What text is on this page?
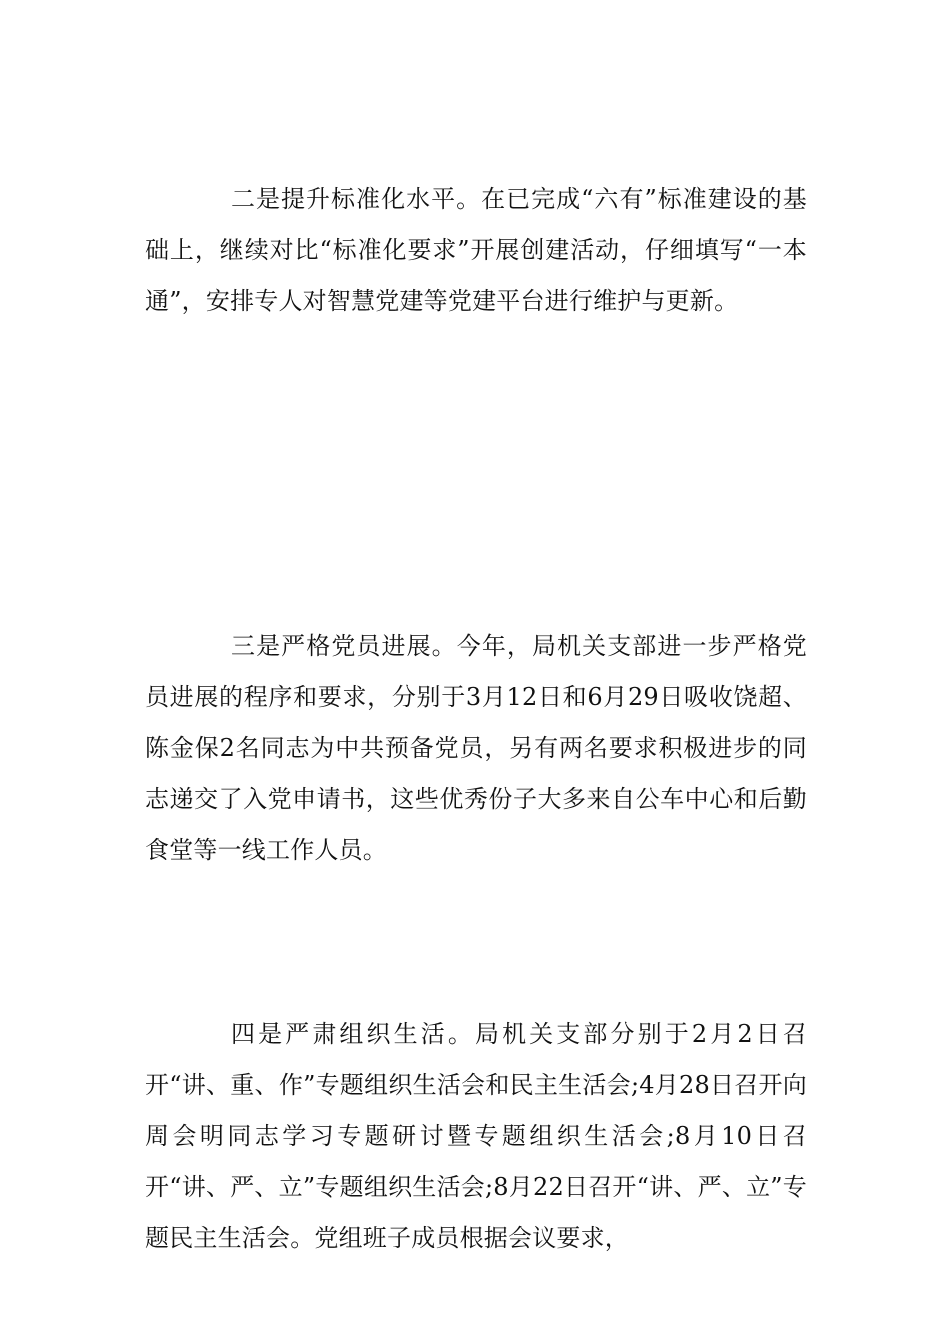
二是提升标准化水平。在已完成“六有”标准建设的基础上，继续对比“标准化要求”开展创建活动，仔细填写“一本通”，安排专人对智慧党建等党建平台进行维护与更新。

三是严格党员进展。今年，局机关支部进一步严格党员进展的程序和要求，分别于3月12日和6月29日吸收饶超、陈金保2名同志为中共预备党员，另有两名要求积极进步的同志递交了入党申请书，这些优秀份子大多来自公车中心和后勤食堂等一线工作人员。

四是严肃组织生活。局机关支部分别于2月2日召开“讲、重、作”专题组织生活会和民主生活会;4月28日召开向周会明同志学习专题研讨暨专题组织生活会;8月10日召开“讲、严、立”专题组织生活会;8月22日召开“讲、严、立”专题民主生活会。党组班子成员根据会议要求，
